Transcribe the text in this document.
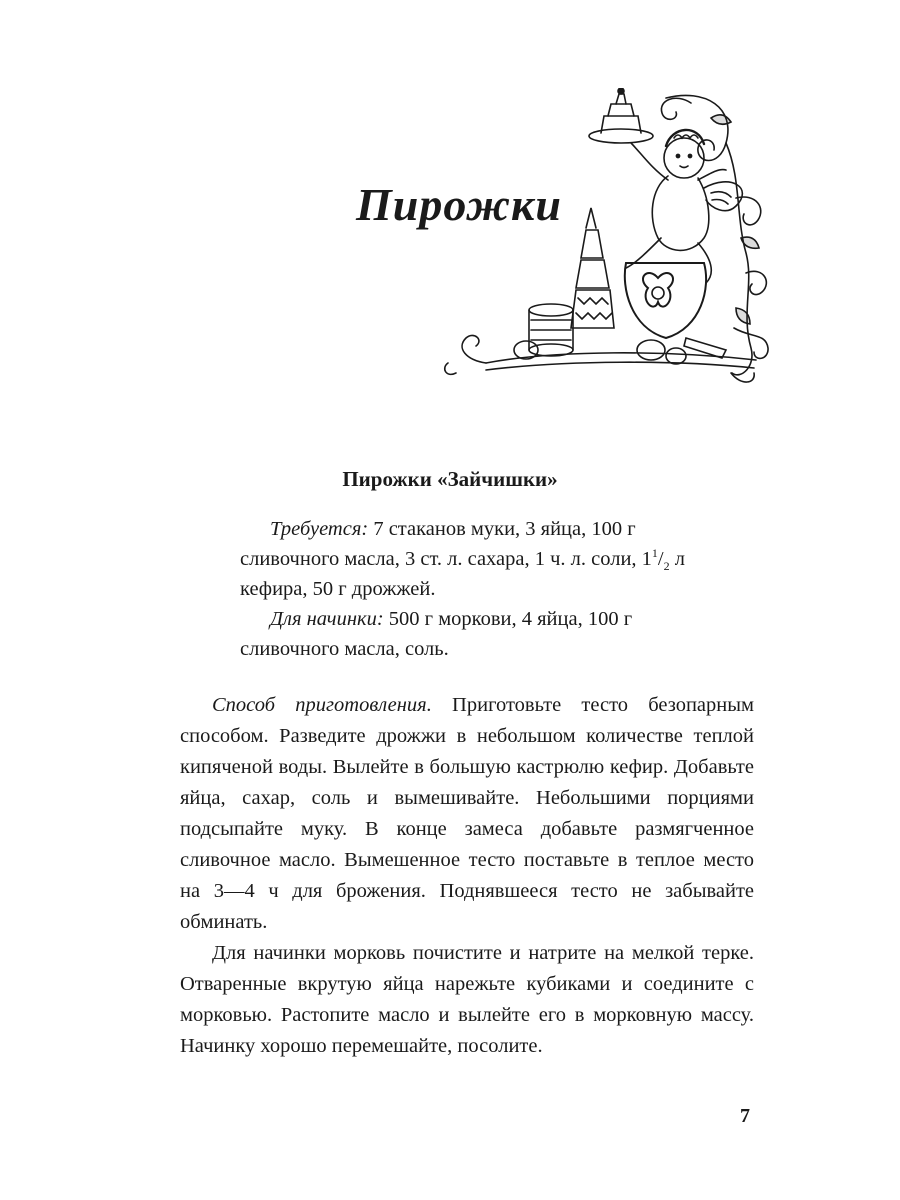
Пирожки
Пирожки «Зайчишки»

Требуется: 7 стаканов муки, 3 яйца, 100 г сливочного масла, 3 ст. л. сахара, 1 ч. л. соли, $1^1/_2$ л кефира, 50 г дрожжей.

Для начинки: 500 г моркови, 4 яйца, 100 г сливочного масла, соль.

Способ приготовления. Приготовьте тесто безопарным способом. Разведите дрожжи в небольшом количестве теплой кипяченой воды. Вылейте в большую кастрюлю кефир. Добавьте яйца, сахар, соль и вымешивайте. Небольшими порциями подсыпайте муку. В конце замеса добавьте размягченное сливочное масло. Вымешенное тесто поставьте в теплое место на 3—4 ч для брожения. Поднявшееся тесто не забывайте обминать.

Для начинки морковь почистите и натрите на мелкой терке. Отваренные вкрутую яйца нарежьте кубиками и соедините с морковью. Растопите масло и вылейте его в морковную массу. Начинку хорошо перемешайте, посолите.

7
